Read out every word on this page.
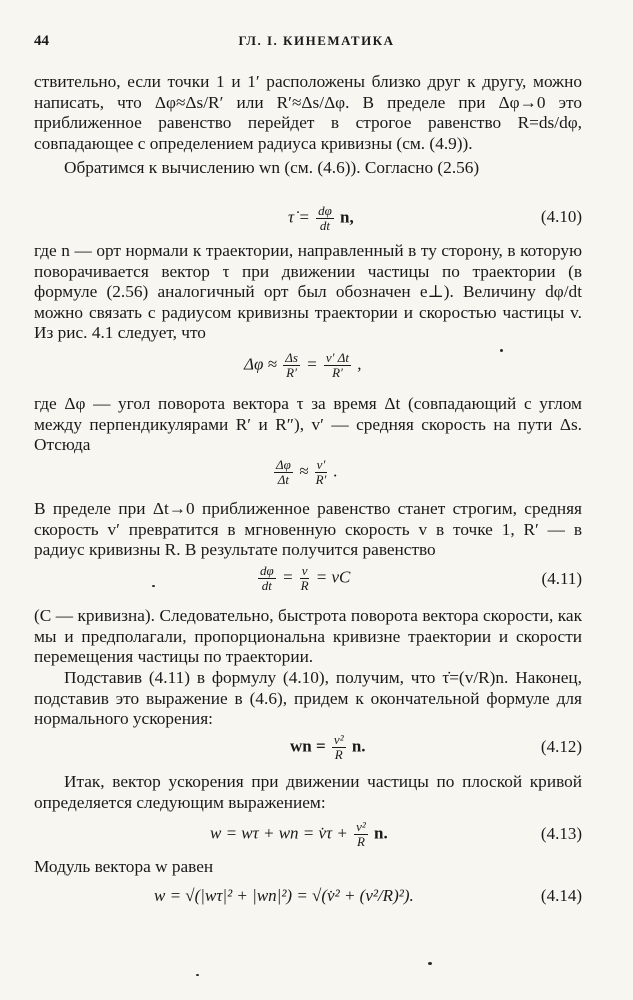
44	ГЛ. I. КИНЕМАТИКА
ствительно, если точки 1 и 1′ расположены близко друг к другу, можно написать, что Δφ≈Δs/R′ или R′≈Δs/Δφ. В пределе при Δφ→0 это приближенное равенство перейдет в строгое равенство R=ds/dφ, совпадающее с определением радиуса кривизны (см. (4.9)).
Обратимся к вычислению wn (см. (4.6)). Согласно (2.56)
τ̇ = $\frac{d\varphi}{dt} n$,	(4.10)
где n — орт нормали к траектории, направленный в ту сторону, в которую поворачивается вектор τ при движении частицы по траектории (в формуле (2.56) аналогичный орт был обозначен e⊥). Величину dφ/dt можно связать с радиусом кривизны траектории и скоростью частицы v. Из рис. 4.1 следует, что
$\Delta\varphi \approx \frac{\Delta s}{R'} = \frac{v' \Delta t}{R'}$ ,
где Δφ — угол поворота вектора τ за время Δt (совпадающий с углом между перпендикулярами R′ и R″), v′ — средняя скорость на пути Δs. Отсюда
$\frac{\Delta\varphi}{\Delta t} \approx \frac{v'}{R'}$ .
В пределе при Δt→0 приближенное равенство станет строгим, средняя скорость v′ превратится в мгновенную скорость v в точке 1, R′ — в радиус кривизны R. В результате получится равенство
$\frac{d\varphi}{dt} = \frac{v}{R}$ = vC	(4.11)
(C — кривизна). Следовательно, быстрота поворота вектора скорости, как мы и предполагали, пропорциональна кривизне траектории и скорости перемещения частицы по траектории.
Подставив (4.11) в формулу (4.10), получим, что τ̇=(v/R)n. Наконец, подставив это выражение в (4.6), придем к окончательной формуле для нормального ускорения:
wn = $\frac{\text{v²}}{R} n$.	(4.12)
Итак, вектор ускорения при движении частицы по плоской кривой определяется следующим выражением:
w = wτ + wn = v̇τ + $\frac{\text{v²}}{R} n$.	(4.13)
Модуль вектора w равен
w = √(|wτ|² + |wn|²) = √(v̇² + (v²/R)²).	(4.14)
